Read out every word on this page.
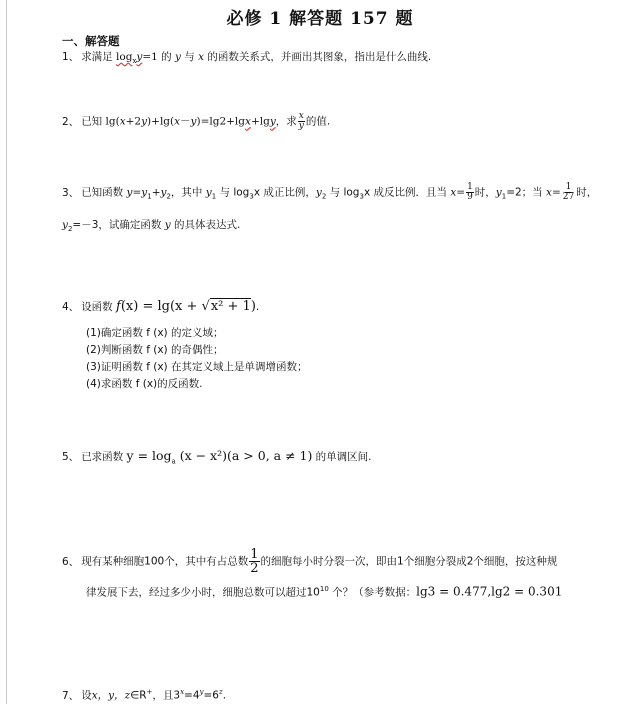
必修 1 解答题 157 题
一、解答题
1、 求满足 $\log_xy=1$ 的 y 与 x 的函数关系式，并画出其图象，指出是什么曲线.
2、 已知 lg(x+2y)+lg(x－y)=lg2+lgx+lgy，求 $\frac{x}{y}$ 的值.
3、 已知函数 $y=y_1+y_2$，其中 $y_1$ 与 $\log_3x$ 成正比例，$y_2$ 与 $\log_3x$ 成反比例．且当 $x= \frac{1}{9}$ 时，$y_1=2$；当 $x= \frac{1}{27}$ 时，
$y_2=-3$，试确定函数 y 的具体表达式.
4、 设函数 f(x) = lg(x + √x² + 1).
(1)确定函数 f (x) 的定义域；
(2)判断函数 f (x) 的奇偶性；
(3)证明函数 f (x) 在其定义域上是单调增函数；
(4)求函数 f (x)的反函数.
5、 已求函数 $y = \log_a (x - x^2)(a > 0$, a ≠ 1) 的单调区间.
6、 现有某种细胞100个，其中有占总数 $\frac{1}{2}$ 的细胞每小时分裂一次，即由1个细胞分裂成2个细胞，按这种规
律发展下去，经过多少小时，细胞总数可以超过$10^{10}$ 个？（参考数据：lg3 = 0.477,lg2 = 0.301
7、 设x，y，z∈R+，且$3^x=4^y=6^z$.
